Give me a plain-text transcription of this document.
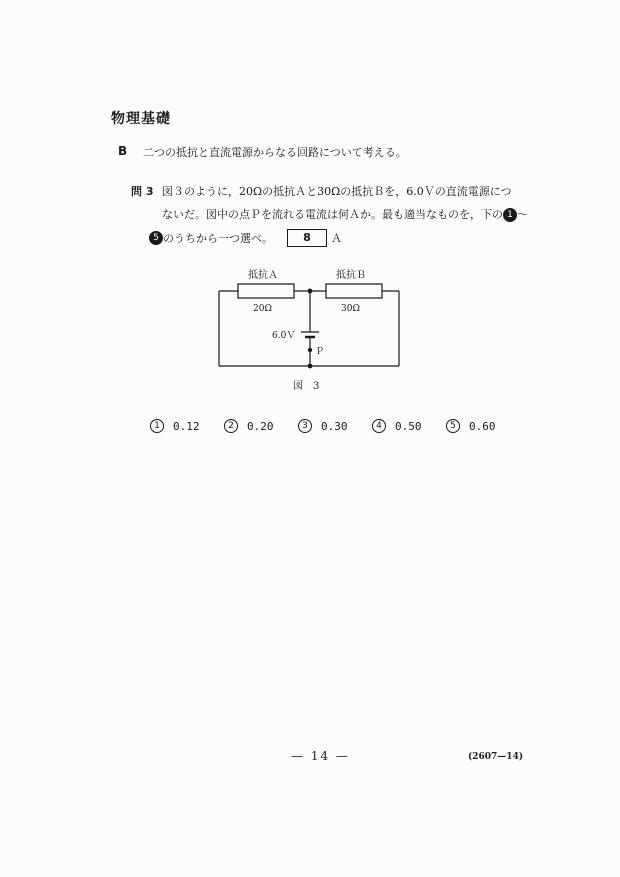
物理基礎
B 二つの抵抗と直流電源からなる回路について考える。
問 3 図３のように，20Ωの抵抗Ａと30Ωの抵抗Ｂを，6.0Ｖの直流電源につ
ないだ。図中の点Ｐを流れる電流は何Ａか。最も適当なものを，下の 1 ～
5 のうちから一つ選べ。	8	Ａ
抵抗Ａ	抵抗Ｂ
20Ω	30Ω
6.0Ｖ
Ｐ
図　3
1	0.12	2	0.20	3	0.30	4	0.50	5	0.60
— 14 —	(2607—14)
